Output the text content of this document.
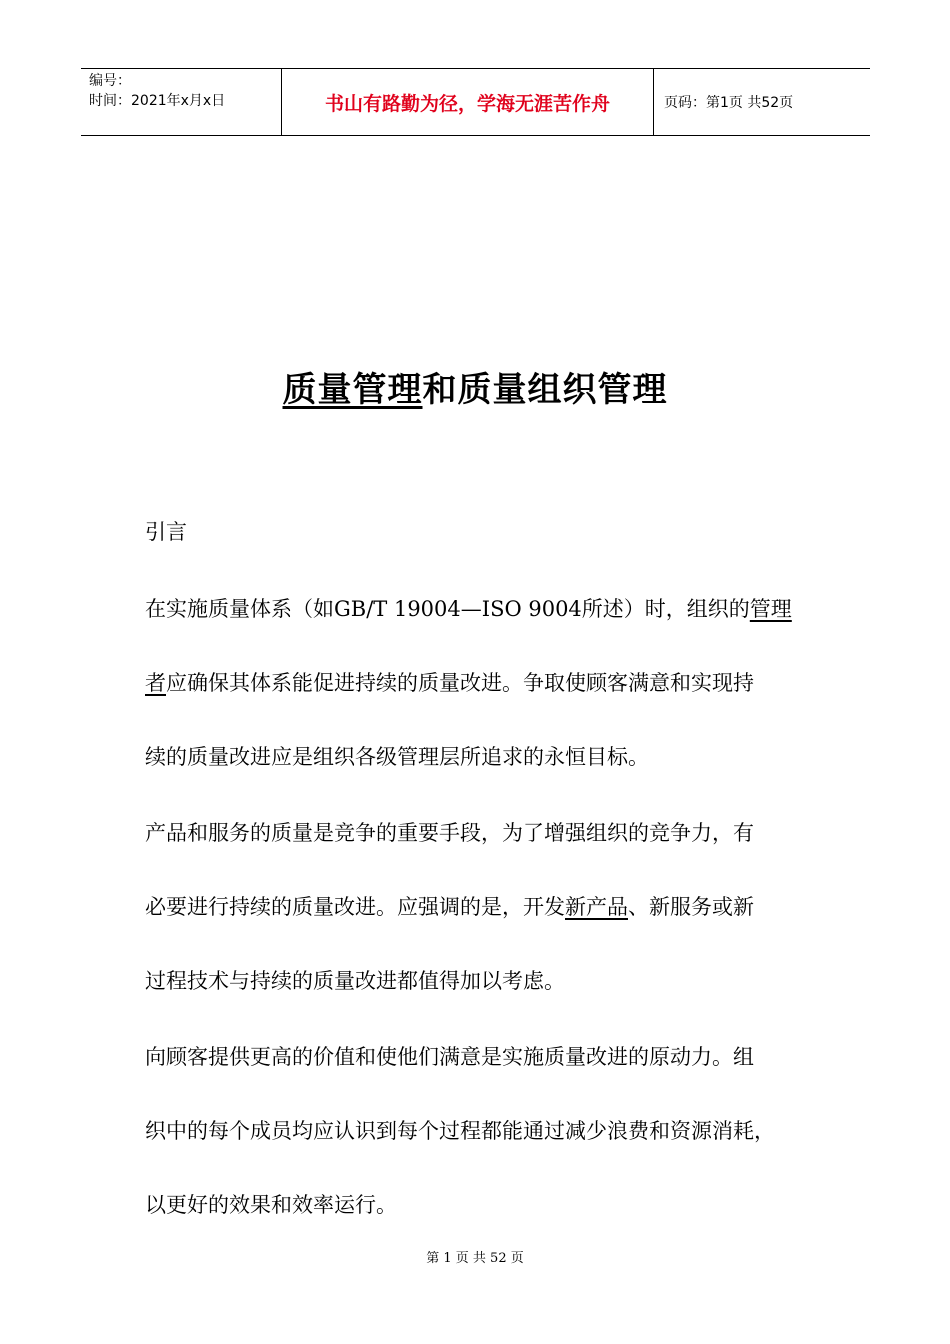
编号：
时间：2021年x月x日	书山有路勤为径，学海无涯苦作舟	页码：第1页 共52页
质量管理和质量组织管理
引言
在实施质量体系（如GB/T 19004—ISO 9004所述）时，组织的管理
者应确保其体系能促进持续的质量改进。争取使顾客满意和实现持
续的质量改进应是组织各级管理层所追求的永恒目标。
产品和服务的质量是竞争的重要手段，为了增强组织的竞争力，有
必要进行持续的质量改进。应强调的是，开发新产品、新服务或新
过程技术与持续的质量改进都值得加以考虑。
向顾客提供更高的价值和使他们满意是实施质量改进的原动力。组
织中的每个成员均应认识到每个过程都能通过减少浪费和资源消耗，
以更好的效果和效率运行。
第 1 页 共 52 页
